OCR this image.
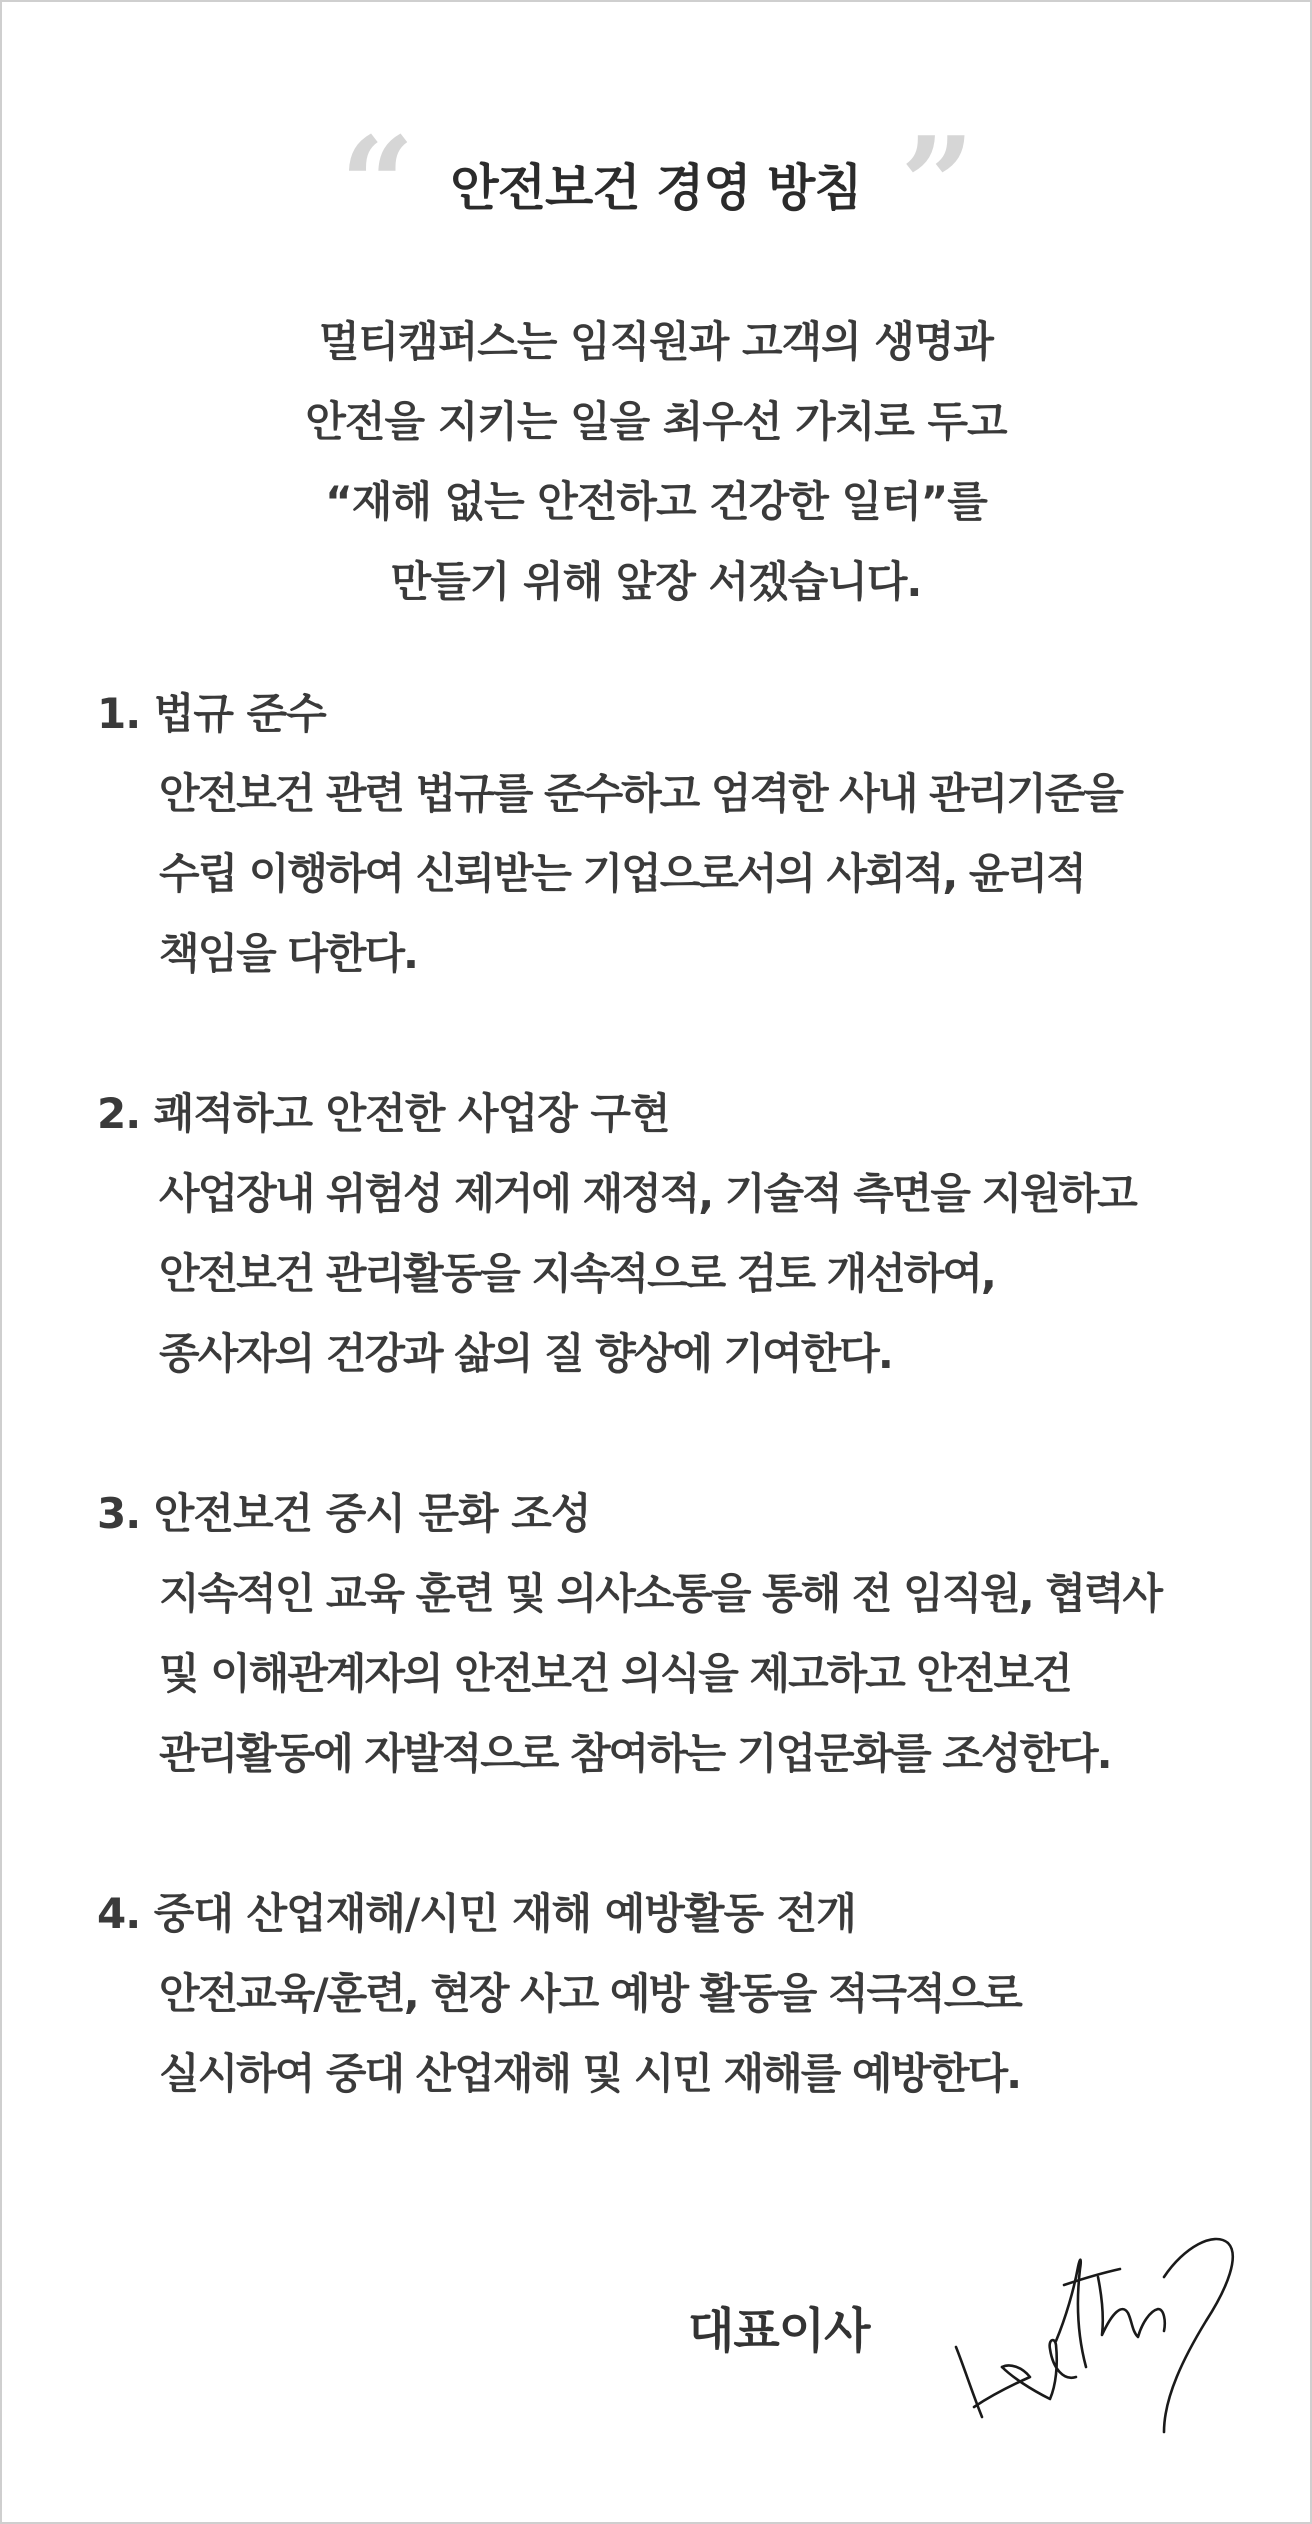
“ 안전보건 경영 방침 ”
멀티캠퍼스는 임직원과 고객의 생명과
안전을 지키는 일을 최우선 가치로 두고
“재해 없는 안전하고 건강한 일터”를
만들기 위해 앞장 서겠습니다.
1. 법규 준수
안전보건 관련 법규를 준수하고 엄격한 사내 관리기준을
수립 이행하여 신뢰받는 기업으로서의 사회적, 윤리적
책임을 다한다.
2. 쾌적하고 안전한 사업장 구현
사업장내 위험성 제거에 재정적, 기술적 측면을 지원하고
안전보건 관리활동을 지속적으로 검토 개선하여,
종사자의 건강과 삶의 질 향상에 기여한다.
3. 안전보건 중시 문화 조성
지속적인 교육 훈련 및 의사소통을 통해 전 임직원, 협력사
및 이해관계자의 안전보건 의식을 제고하고 안전보건
관리활동에 자발적으로 참여하는 기업문화를 조성한다.
4. 중대 산업재해/시민 재해 예방활동 전개
안전교육/훈련, 현장 사고 예방 활동을 적극적으로
실시하여 중대 산업재해 및 시민 재해를 예방한다.
대표이사
